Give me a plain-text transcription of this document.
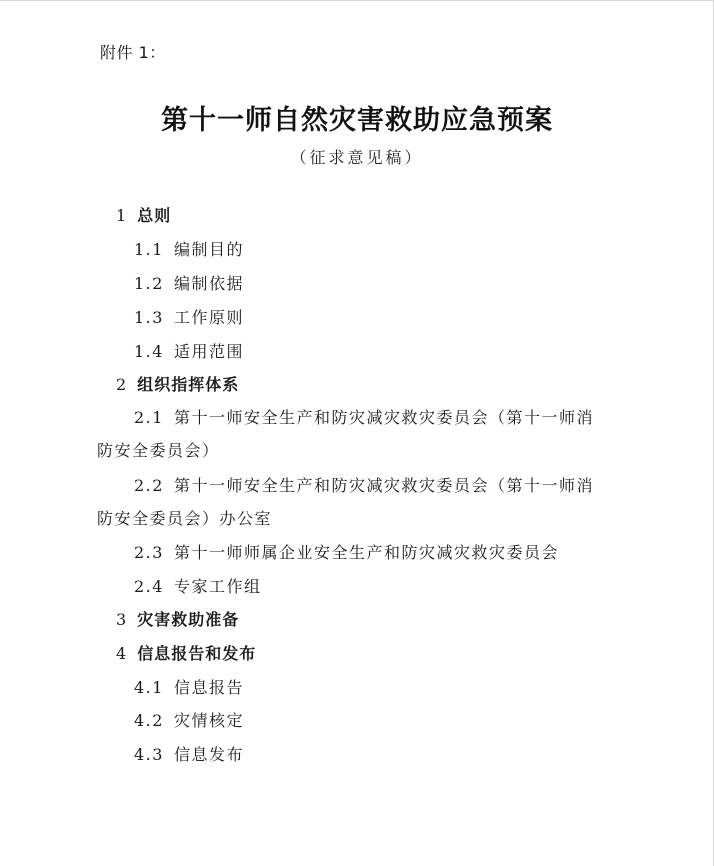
附件 1：
第十一师自然灾害救助应急预案
（征求意见稿）
1 总则
1.1 编制目的
1.2 编制依据
1.3 工作原则
1.4 适用范围
2 组织指挥体系
2.1 第十一师安全生产和防灾减灾救灾委员会（第十一师消
防安全委员会）
2.2 第十一师安全生产和防灾减灾救灾委员会（第十一师消
防安全委员会）办公室
2.3 第十一师师属企业安全生产和防灾减灾救灾委员会
2.4 专家工作组
3 灾害救助准备
4 信息报告和发布
4.1 信息报告
4.2 灾情核定
4.3 信息发布
